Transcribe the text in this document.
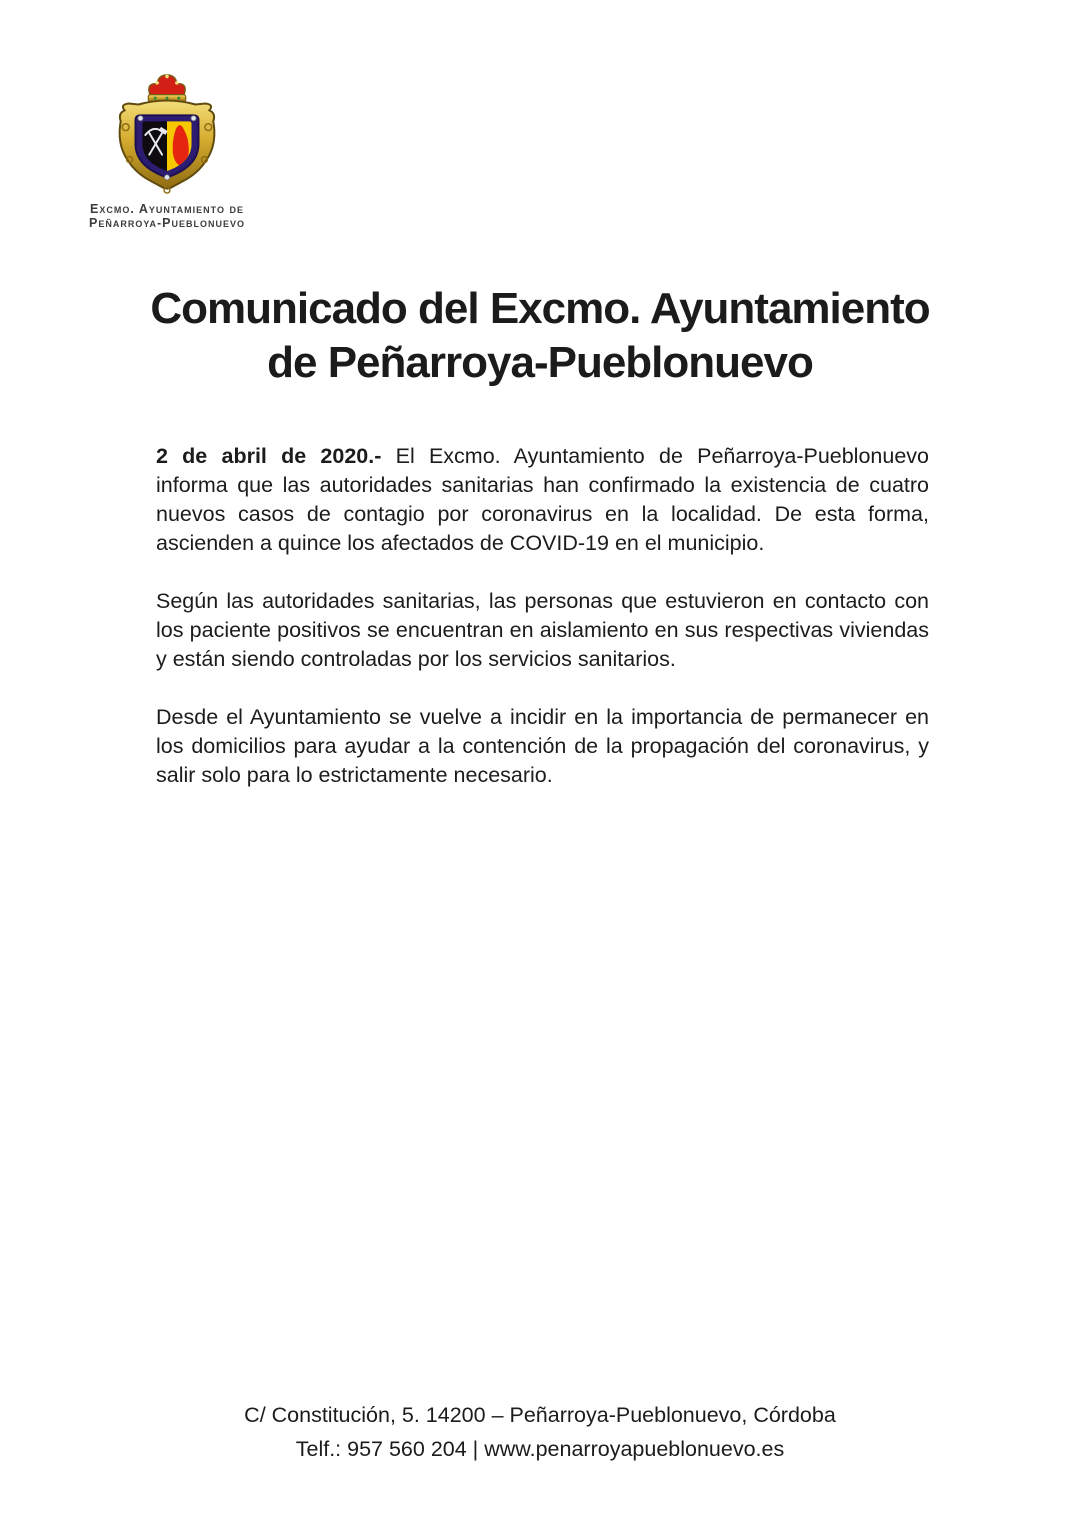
Excmo. Ayuntamiento de
Peñarroya-Pueblonuevo
Comunicado del Excmo. Ayuntamiento
de Peñarroya-Pueblonuevo

2 de abril de 2020.- El Excmo. Ayuntamiento de Peñarroya-Pueblonuevo informa que las autoridades sanitarias han confirmado la existencia de cuatro nuevos casos de contagio por coronavirus en la localidad. De esta forma, ascienden a quince los afectados de COVID-19 en el municipio.

Según las autoridades sanitarias, las personas que estuvieron en contacto con los paciente positivos se encuentran en aislamiento en sus respectivas viviendas y están siendo controladas por los servicios sanitarios.

Desde el Ayuntamiento se vuelve a incidir en la importancia de permanecer en los domicilios para ayudar a la contención de la propagación del coronavirus, y salir solo para lo estrictamente necesario.

C/ Constitución, 5. 14200 – Peñarroya-Pueblonuevo, Córdoba
Telf.: 957 560 204 | www.penarroyapueblonuevo.es
